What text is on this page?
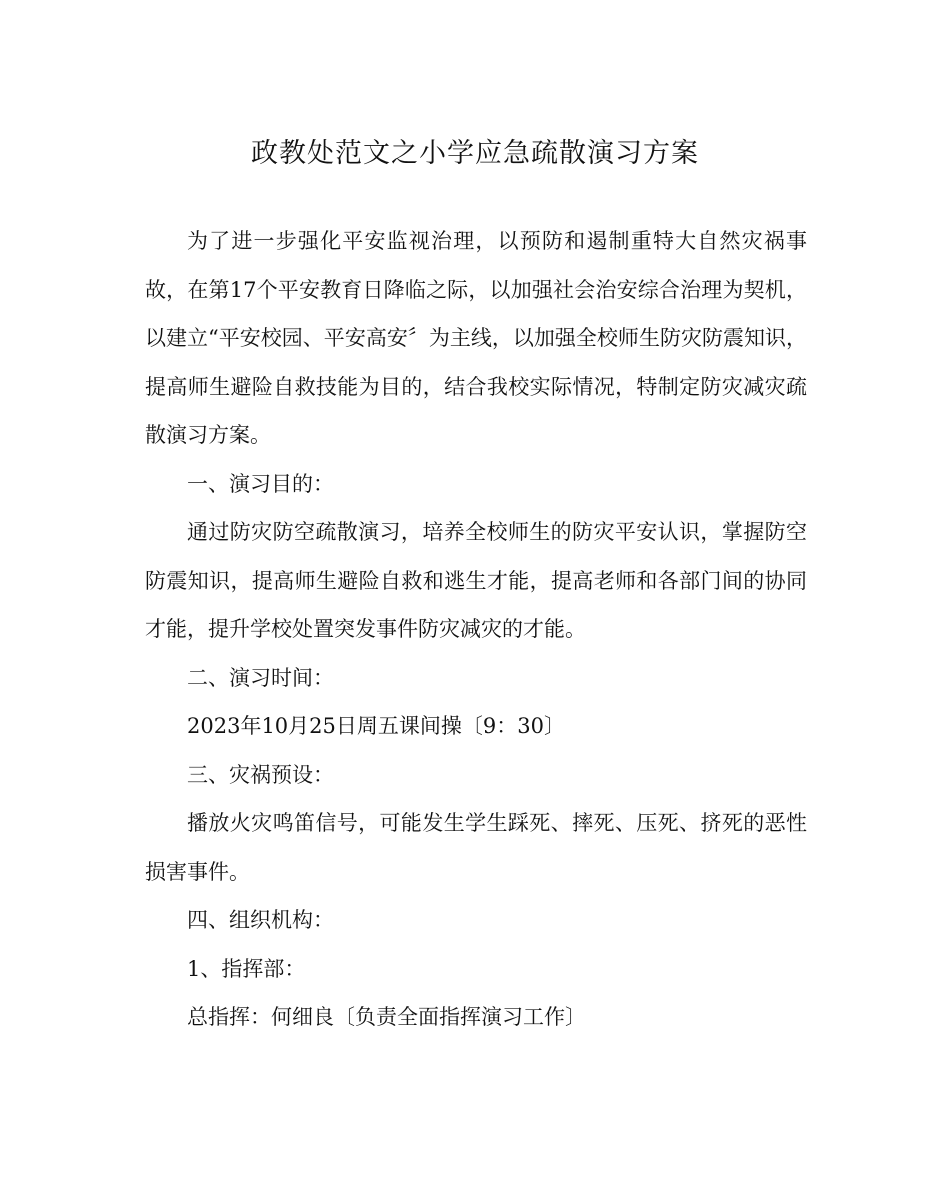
政教处范文之小学应急疏散演习方案

为了进一步强化平安监视治理，以预防和遏制重特大自然灾祸事故，在第17个平安教育日降临之际，以加强社会治安综合治理为契机，以建立“平安校园、平安高安〞为主线，以加强全校师生防灾防震知识，提高师生避险自救技能为目的，结合我校实际情况，特制定防灾减灾疏散演习方案。

一、演习目的：

通过防灾防空疏散演习，培养全校师生的防灾平安认识，掌握防空防震知识，提高师生避险自救和逃生才能，提高老师和各部门间的协同才能，提升学校处置突发事件防灾减灾的才能。

二、演习时间：

2023年10月25日周五课间操〔9：30〕

三、灾祸预设：

播放火灾鸣笛信号，可能发生学生踩死、摔死、压死、挤死的恶性损害事件。

四、组织机构：

1、指挥部：

总指挥：何细良〔负责全面指挥演习工作〕
